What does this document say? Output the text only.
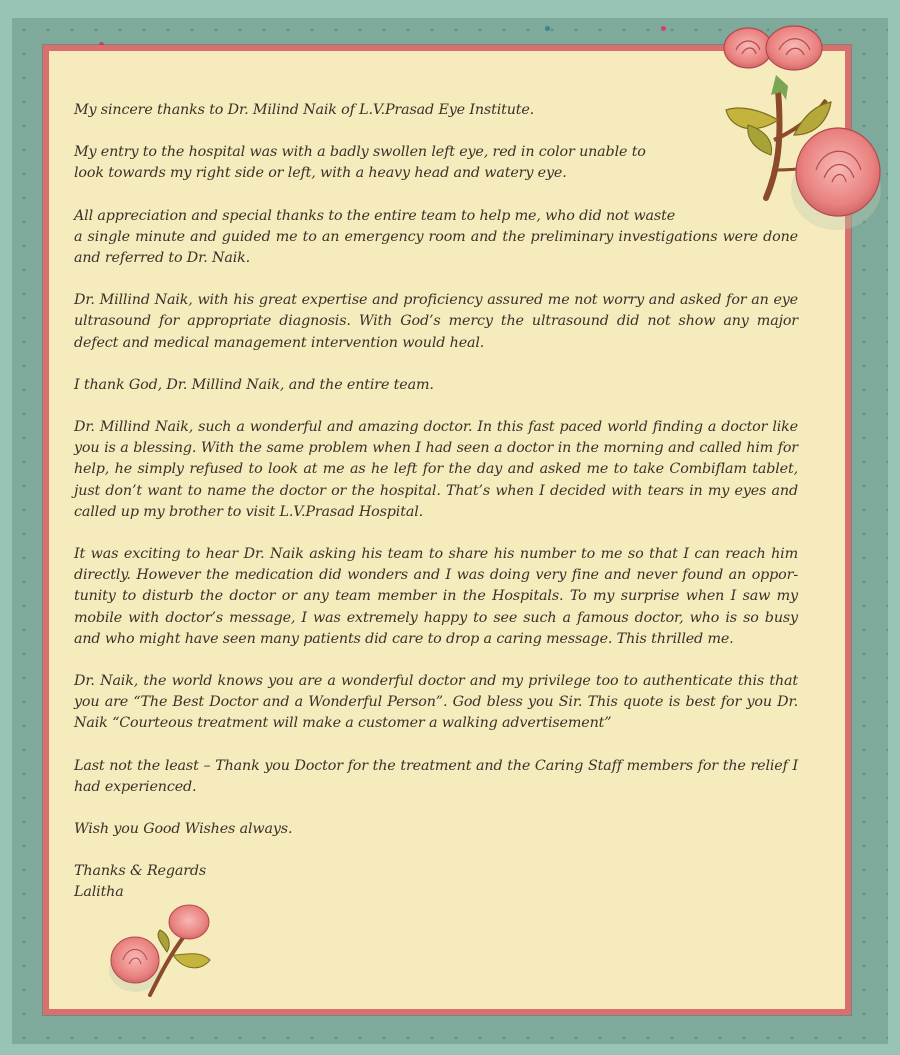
My sincere thanks to Dr. Milind Naik of L.V.Prasad Eye Institute.

My entry to the hospital was with a badly swollen left eye, red in color unable to
look towards my right side or left, with a heavy head and watery eye.

All appreciation and special thanks to the entire team to help me, who did not waste
a single minute and guided me to an emergency room and the preliminary investigations were done and referred to Dr. Naik.

Dr. Millind Naik, with his great expertise and proficiency assured me not worry and asked for an eye ultrasound for appropriate diagnosis. With God’s mercy the ultrasound did not show any major defect and medical management intervention would heal.

I thank God, Dr. Millind Naik, and the entire team.

Dr. Millind Naik, such a wonderful and amazing doctor. In this fast paced world finding a doctor like you is a blessing. With the same problem when I had seen a doctor in the morning and called him for help, he simply refused to look at me as he left for the day and asked me to take Combiflam tablet, just don’t want to name the doctor or the hospital. That’s when I decided with tears in my eyes and called up my brother to visit L.V.Prasad Hospital.

It was exciting to hear Dr. Naik asking his team to share his number to me so that I can reach him directly. However the medication did wonders and I was doing very fine and never found an oppor-tunity to disturb the doctor or any team member in the Hospitals. To my surprise when I saw my mobile with doctor’s message, I was extremely happy to see such a famous doctor, who is so busy and who might have seen many patients did care to drop a caring message. This thrilled me.

Dr. Naik, the world knows you are a wonderful doctor and my privilege too to authenticate this that you are “The Best Doctor and a Wonderful Person”. God bless you Sir. This quote is best for you Dr. Naik “Courteous treatment will make a customer a walking advertisement”

Last not the least – Thank you Doctor for the treatment and the Caring Staff members for the relief I had experienced.

Wish you Good Wishes always.

Thanks & Regards
Lalitha
